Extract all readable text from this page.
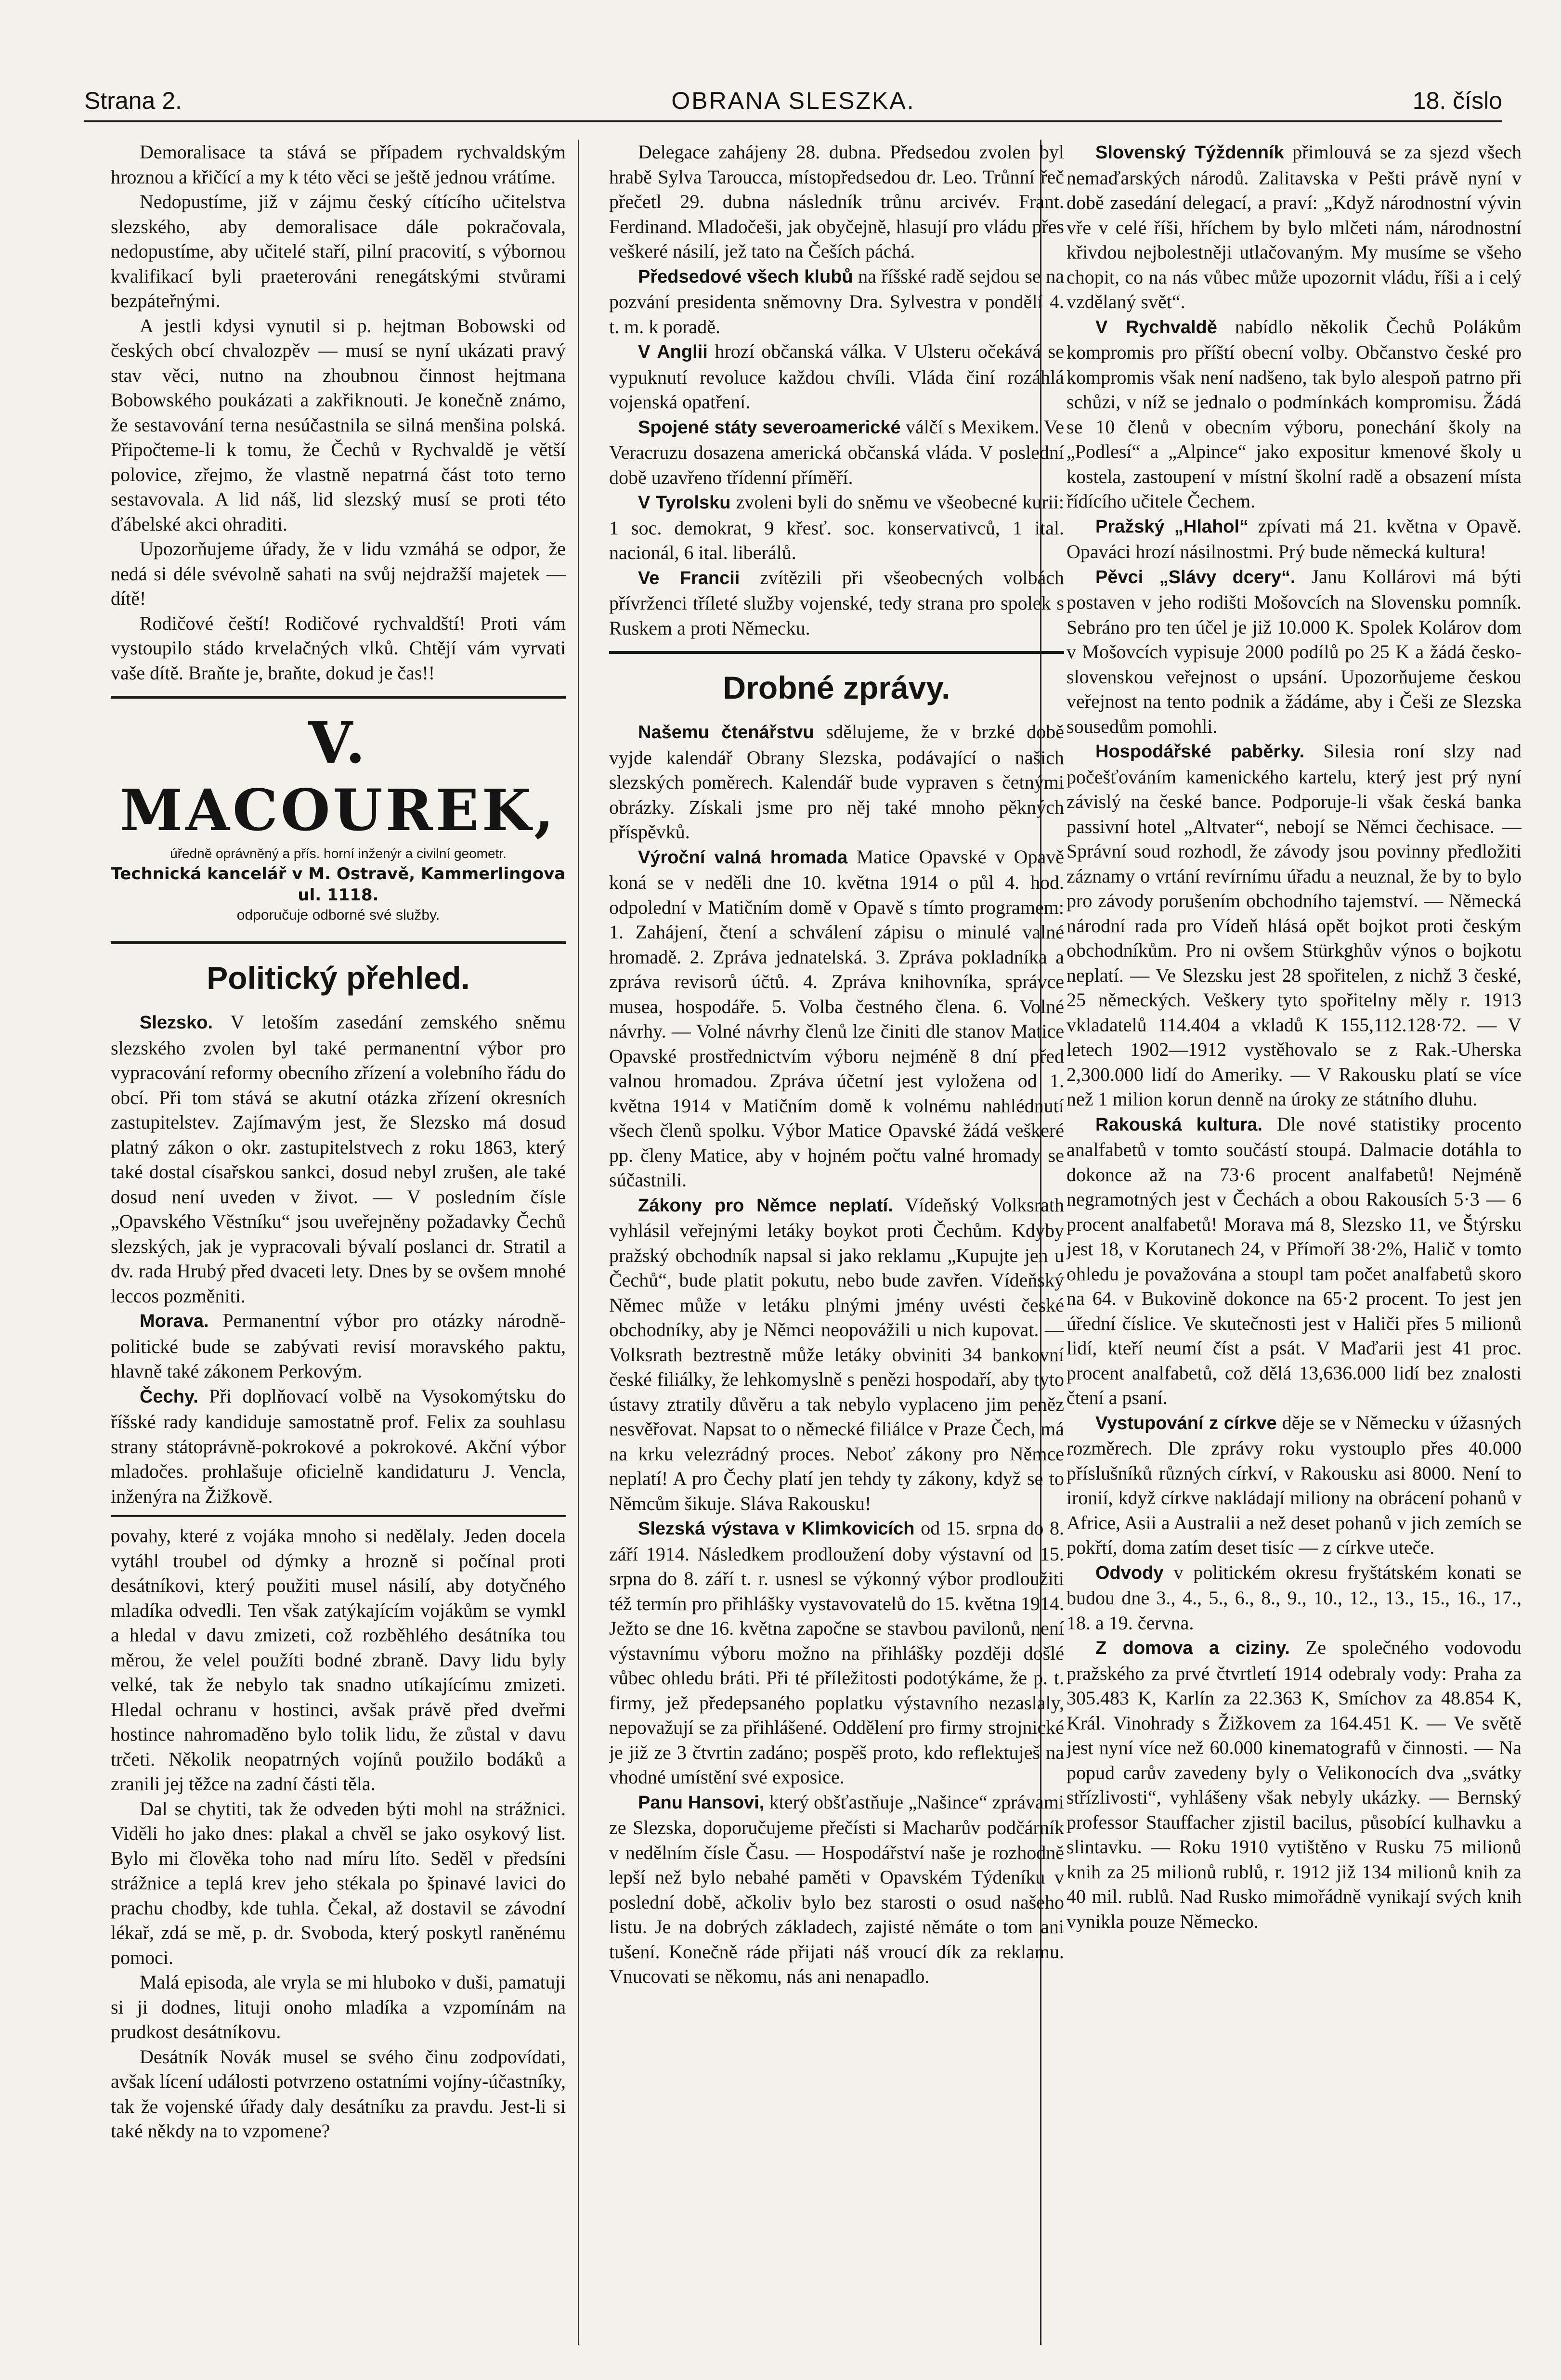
Strana 2.	OBRANA SLESZKA.	18. číslo

Demoralisace ta stává se případem rychvaldským hroznou a křičící a my k této věci se ještě jednou vrátíme.

Nedopustíme, již v zájmu český cítícího učitelstva slezského, aby demoralisace dále pokračovala, nedopustíme, aby učitelé staří, pilní pracovití, s výbornou kvalifikací byli praeterováni renegátskými stvůrami bezpáteřnými.

A jestli kdysi vynutil si p. hejtman Bobowski od českých obcí chvalozpěv — musí se nyní ukázati pravý stav věci, nutno na zhoubnou činnost hejtmana Bobowského poukázati a zakřiknouti. Je konečně známo, že sestavování terna nesúčastnila se silná menšina polská. Připočteme-li k tomu, že Čechů v Rychvaldě je větší polovice, zřejmo, že vlastně nepatrná část toto terno sestavovala. A lid náš, lid slezský musí se proti této ďábelské akci ohraditi.

Upozorňujeme úřady, že v lidu vzmáhá se odpor, že nedá si déle svévolně sahati na svůj nejdražší majetek — dítě!

Rodičové čeští! Rodičové rychvaldští! Proti vám vystoupilo stádo krvelačných vlků. Chtějí vám vyrvati vaše dítě. Braňte je, braňte, dokud je čas!!

V. MACOUREK,
úředně oprávněný a přís. horní inženýr a civilní geometr.
Technická kancelář v M. Ostravě, Kammerlingova ul. 1118.
odporučuje odborné své služby.
Politický přehled.

Slezsko. V letoším zasedání zemského sněmu slezského zvolen byl také permanentní výbor pro vypracování reformy obecního zřízení a volebního řádu do obcí. Při tom stává se akutní otázka zřízení okresních zastupitelstev. Zajímavým jest, že Slezsko má dosud platný zákon o okr. zastupitelstvech z roku 1863, který také dostal císařskou sankci, dosud nebyl zrušen, ale také dosud není uveden v život. — V posledním čísle „Opavského Věstníku“ jsou uveřejněny požadavky Čechů slezských, jak je vypracovali bývalí poslanci dr. Stratil a dv. rada Hrubý před dvaceti lety. Dnes by se ovšem mnohé leccos pozměniti.

Morava. Permanentní výbor pro otázky národně-politické bude se zabývati revisí moravského paktu, hlavně také zákonem Perkovým.

Čechy. Při doplňovací volbě na Vysokomýtsku do říšské rady kandiduje samostatně prof. Felix za souhlasu strany státoprávně-pokrokové a pokrokové. Akční výbor mladočes. prohlašuje oficielně kandidaturu J. Vencla, inženýra na Žižkově.

povahy, které z vojáka mnoho si nedělaly. Jeden docela vytáhl troubel od dýmky a hrozně si počínal proti desátníkovi, který použiti musel násilí, aby dotyčného mladíka odvedli. Ten však zatýkajícím vojákům se vymkl a hledal v davu zmizeti, což rozběhlého desátníka tou měrou, že velel použíti bodné zbraně. Davy lidu byly velké, tak že nebylo tak snadno utíkajícímu zmizeti. Hledal ochranu v hostinci, avšak právě před dveřmi hostince nahromaděno bylo tolik lidu, že zůstal v davu trčeti. Několik neopatrných vojínů použilo bodáků a zranili jej těžce na zadní části těla.

Dal se chytiti, tak že odveden býti mohl na strážnici. Viděli ho jako dnes: plakal a chvěl se jako osykový list. Bylo mi člověka toho nad míru líto. Seděl v předsíni strážnice a teplá krev jeho stékala po špinavé lavici do prachu chodby, kde tuhla. Čekal, až dostavil se závodní lékař, zdá se mě, p. dr. Svoboda, který poskytl raněnému pomoci.

Malá episoda, ale vryla se mi hluboko v duši, pamatuji si ji dodnes, lituji onoho mladíka a vzpomínám na prudkost desátníkovu.

Desátník Novák musel se svého činu zodpovídati, avšak lícení události potvrzeno ostatními vojíny-účastníky, tak že vojenské úřady daly desátníku za pravdu. Jest-li si také někdy na to vzpomene?

Delegace zahájeny 28. dubna. Předsedou zvolen byl hrabě Sylva Taroucca, místopředsedou dr. Leo. Trůnní řeč přečetl 29. dubna následník trůnu arcivév. Frant. Ferdinand. Mladočeši, jak obyčejně, hlasují pro vládu přes veškeré násilí, jež tato na Češích páchá.

Předsedové všech klubů na říšské radě sejdou se na pozvání presidenta sněmovny Dra. Sylvestra v pondělí 4. t. m. k poradě.

V Anglii hrozí občanská válka. V Ulsteru očekává se vypuknutí revoluce každou chvíli. Vláda činí rozáhlá vojenská opatření.

Spojené státy severoamerické válčí s Mexikem. Ve Veracruzu dosazena americká občanská vláda. V poslední době uzavřeno třídenní příměří.

V Tyrolsku zvoleni byli do sněmu ve všeobecné kurii: 1 soc. demokrat, 9 křesť. soc. konservativců, 1 ital. nacionál, 6 ital. liberálů.

Ve Francii zvítězili při všeobecných volbách přívrženci tříleté služby vojenské, tedy strana pro spolek s Ruskem a proti Německu.

Drobné zprávy.

Našemu čtenářstvu sdělujeme, že v brzké době vyjde kalendář Obrany Slezska, podávající o našich slezských poměrech. Kalendář bude vypraven s četnými obrázky. Získali jsme pro něj také mnoho pěkných příspěvků.

Výroční valná hromada Matice Opavské v Opavě koná se v neděli dne 10. května 1914 o půl 4. hod. odpolední v Matičním domě v Opavě s tímto programem: 1. Zahájení, čtení a schválení zápisu o minulé valné hromadě. 2. Zpráva jednatelská. 3. Zpráva pokladníka a zpráva revisorů účtů. 4. Zpráva knihovníka, správce musea, hospodáře. 5. Volba čestného člena. 6. Volné návrhy. — Volné návrhy členů lze činiti dle stanov Matice Opavské prostřednictvím výboru nejméně 8 dní před valnou hromadou. Zpráva účetní jest vyložena od 1. května 1914 v Matičním domě k volnému nahlédnutí všech členů spolku. Výbor Matice Opavské žádá veškeré pp. členy Matice, aby v hojném počtu valné hromady se súčastnili.

Zákony pro Němce neplatí. Vídeňský Volksrath vyhlásil veřejnými letáky boykot proti Čechům. Kdyby pražský obchodník napsal si jako reklamu „Kupujte jen u Čechů“, bude platit pokutu, nebo bude zavřen. Vídeňský Němec může v letáku plnými jmény uvésti české obchodníky, aby je Němci neopovážili u nich kupovat. — Volksrath beztrestně může letáky obviniti 34 bankovní české filiálky, že lehkomyslně s penězi hospodaří, aby tyto ústavy ztratily důvěru a tak nebylo vyplaceno jim peněz nesvěřovat. Napsat to o německé filiálce v Praze Čech, má na krku velezrádný proces. Neboť zákony pro Němce neplatí! A pro Čechy platí jen tehdy ty zákony, když se to Němcům šikuje. Sláva Rakousku!

Slezská výstava v Klimkovicích od 15. srpna do 8. září 1914. Následkem prodloužení doby výstavní od 15. srpna do 8. září t. r. usnesl se výkonný výbor prodloužiti též termín pro přihlášky vystavovatelů do 15. května 1914. Ježto se dne 16. května započne se stavbou pavilonů, není výstavnímu výboru možno na přihlášky později došlé vůbec ohledu bráti. Při té příležitosti podotýkáme, že p. t. firmy, jež předepsaného poplatku výstavního nezaslaly, nepovažují se za přihlášené. Oddělení pro firmy strojnické je již ze 3 čtvrtin zadáno; pospěš proto, kdo reflektuješ na vhodné umístění své exposice.

Panu Hansovi, který obšťastňuje „Našince“ zprávami ze Slezska, doporučujeme přečísti si Macharův podčárník v nedělním čísle Času. — Hospodářství naše je rozhodně lepší než bylo nebahé paměti v Opavském Týdeníku v poslední době, ačkoliv bylo bez starosti o osud našeho listu. Je na dobrých základech, zajisté němáte o tom ani tušení. Konečně ráde přijati náš vroucí dík za reklamu. Vnucovati se někomu, nás ani nenapadlo.

Slovenský Týždenník přimlouvá se za sjezd všech nemaďarských národů. Zalitavska v Pešti právě nyní v době zasedání delegací, a praví: „Když národnostní vývin vře v celé říši, hříchem by bylo mlčeti nám, národnostní křivdou nejbolestněji utlačovaným. My musíme se všeho chopit, co na nás vůbec může upozornit vládu, říši a i celý vzdělaný svět“.

V Rychvaldě nabídlo několik Čechů Polákům kompromis pro příští obecní volby. Občanstvo české pro kompromis však není nadšeno, tak bylo alespoň patrno při schůzi, v níž se jednalo o podmínkách kompromisu. Žádá se 10 členů v obecním výboru, ponechání školy na „Podlesí“ a „Alpince“ jako expositur kmenové školy u kostela, zastoupení v místní školní radě a obsazení místa řídícího učitele Čechem.

Pražský „Hlahol“ zpívati má 21. května v Opavě. Opaváci hrozí násilnostmi. Prý bude německá kultura!

Pěvci „Slávy dcery“. Janu Kollárovi má býti postaven v jeho rodišti Mošovcích na Slovensku pomník. Sebráno pro ten účel je již 10.000 K. Spolek Kolárov dom v Mošovcích vypisuje 2000 podílů po 25 K a žádá česko-slovenskou veřejnost o upsání. Upozorňujeme českou veřejnost na tento podnik a žádáme, aby i Češi ze Slezska sousedům pomohli.

Hospodářské paběrky. Silesia roní slzy nad počešťováním kamenického kartelu, který jest prý nyní závislý na české bance. Podporuje-li však česká banka passivní hotel „Altvater“, nebojí se Němci čechisace. — Správní soud rozhodl, že závody jsou povinny předložiti záznamy o vrtání revírnímu úřadu a neuznal, že by to bylo pro závody porušením obchodního tajemství. — Německá národní rada pro Vídeň hlásá opět bojkot proti českým obchodníkům. Pro ni ovšem Stürkghův výnos o bojkotu neplatí. — Ve Slezsku jest 28 spořitelen, z nichž 3 české, 25 německých. Veškery tyto spořitelny měly r. 1913 vkladatelů 114.404 a vkladů K 155,112.128·72. — V letech 1902—1912 vystěhovalo se z Rak.-Uherska 2,300.000 lidí do Ameriky. — V Rakousku platí se více než 1 milion korun denně na úroky ze státního dluhu.

Rakouská kultura. Dle nové statistiky procento analfabetů v tomto součástí stoupá. Dalmacie dotáhla to dokonce až na 73·6 procent analfabetů! Nejméně negramotných jest v Čechách a obou Rakousích 5·3 — 6 procent analfabetů! Morava má 8, Slezsko 11, ve Štýrsku jest 18, v Korutanech 24, v Přímoří 38·2%, Halič v tomto ohledu je považována a stoupl tam počet analfabetů skoro na 64. v Bukovině dokonce na 65·2 procent. To jest jen úřední číslice. Ve skutečnosti jest v Haliči přes 5 milionů lidí, kteří neumí číst a psát. V Maďarii jest 41 proc. procent analfabetů, což dělá 13,636.000 lidí bez znalosti čtení a psaní.

Vystupování z církve děje se v Německu v úžasných rozměrech. Dle zprávy roku vystouplo přes 40.000 příslušníků různých církví, v Rakousku asi 8000. Není to ironií, když církve nakládají miliony na obrácení pohanů v Africe, Asii a Australii a než deset pohanů v jich zemích se pokřtí, doma zatím deset tisíc — z církve uteče.

Odvody v politickém okresu fryštátském konati se budou dne 3., 4., 5., 6., 8., 9., 10., 12., 13., 15., 16., 17., 18. a 19. června.

Z domova a ciziny. Ze společného vodovodu pražského za prvé čtvrtletí 1914 odebraly vody: Praha za 305.483 K, Karlín za 22.363 K, Smíchov za 48.854 K, Král. Vinohrady s Žižkovem za 164.451 K. — Ve světě jest nyní více než 60.000 kinematografů v činnosti. — Na popud carův zavedeny byly o Velikonocích dva „svátky střízlivosti“, vyhlášeny však nebyly ukázky. — Bernský professor Stauffacher zjistil bacilus, působící kulhavku a slintavku. — Roku 1910 vytištěno v Rusku 75 milionů knih za 25 milionů rublů, r. 1912 již 134 milionů knih za 40 mil. rublů. Nad Rusko mimořádně vynikají svých knih vynikla pouze Německo.
